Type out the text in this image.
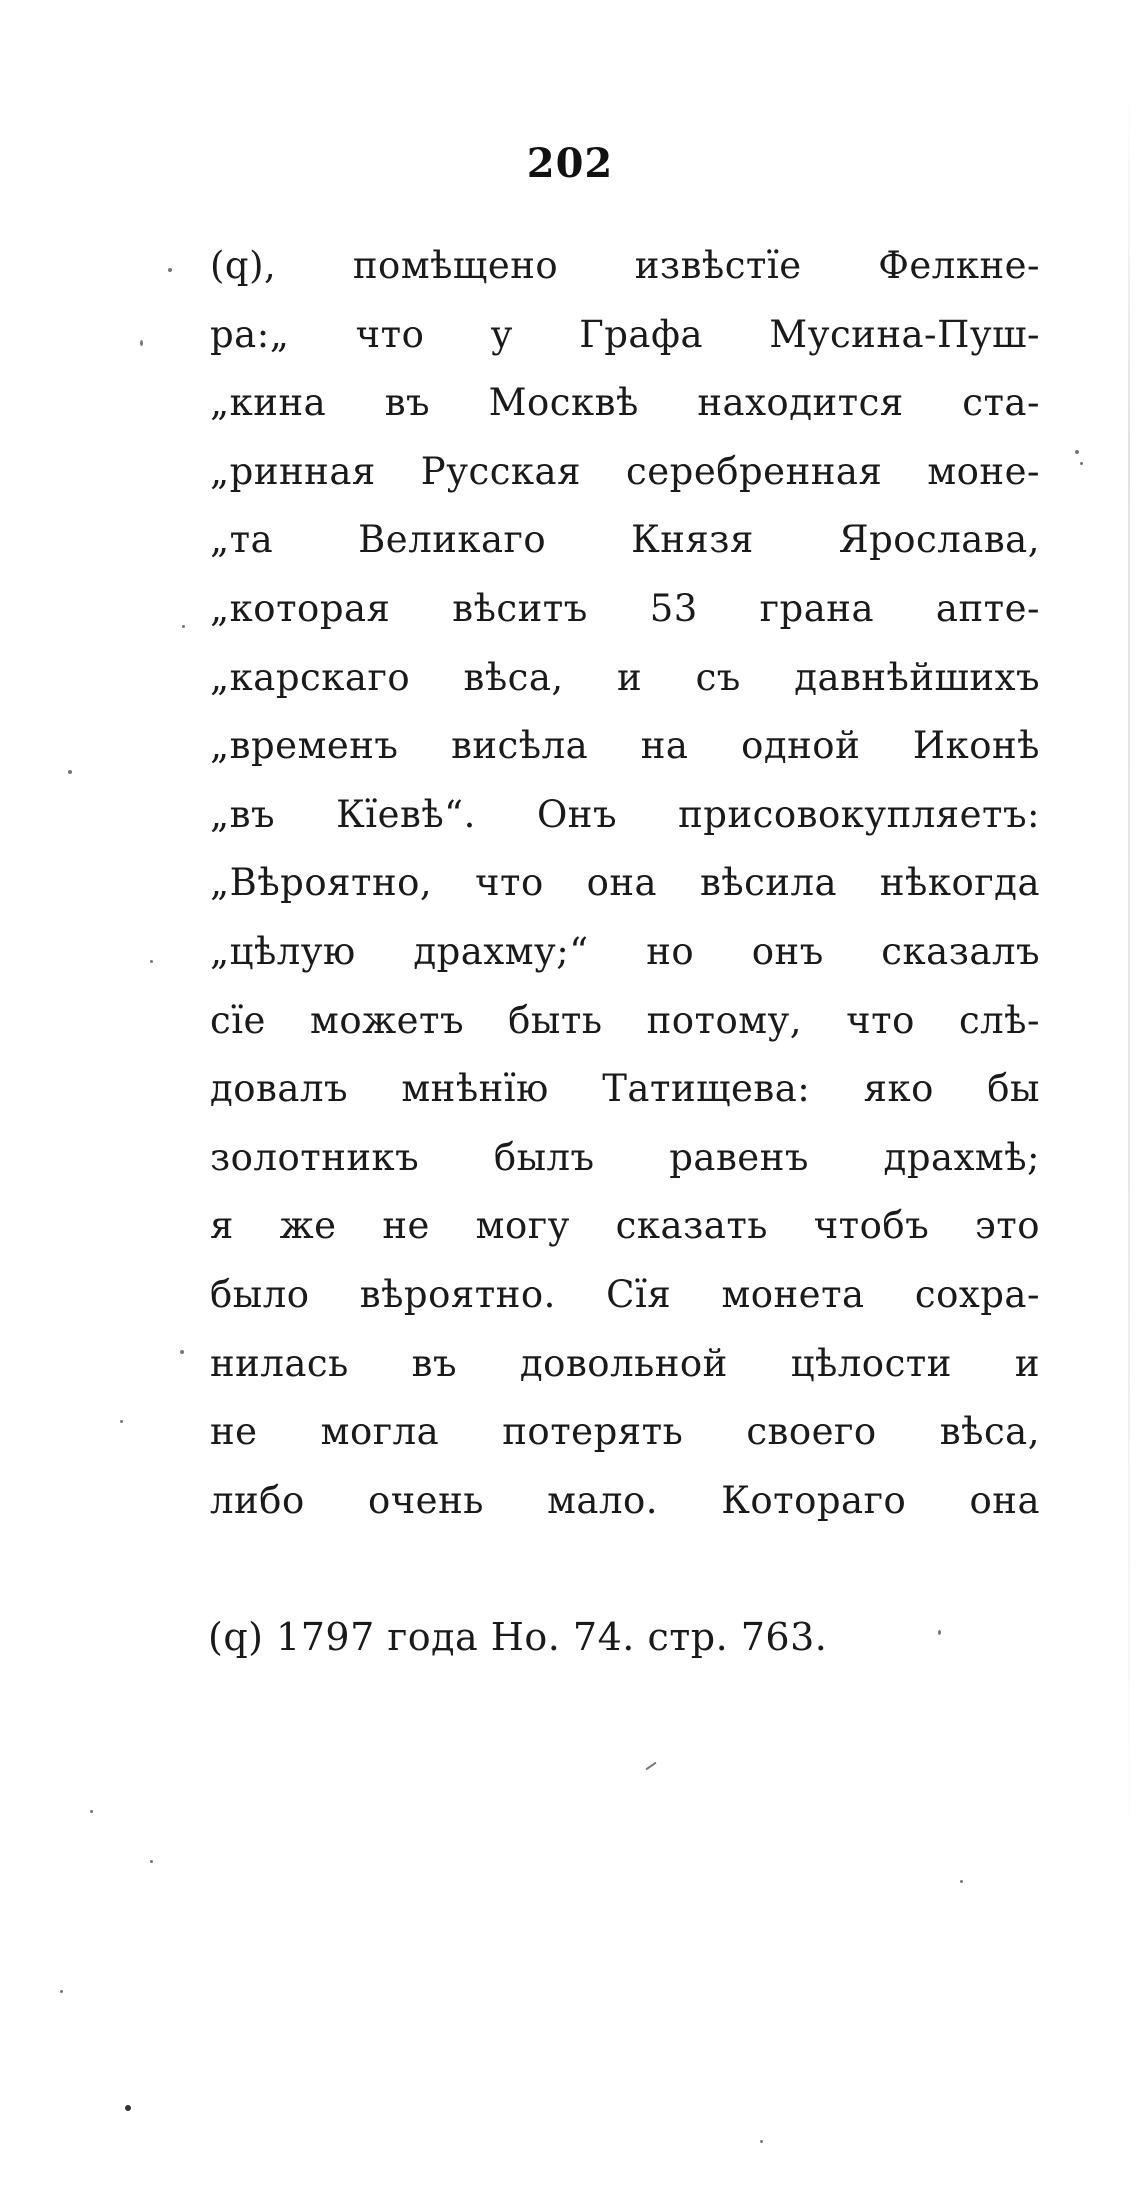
202
(q), помѣщено извѣстїе Фелкне-
ра:„ что у Графа Мусина-Пуш-
„кина въ Москвѣ находится ста-
„ринная Русская серебренная моне-
„та Великаго Князя Ярослава,
„которая вѣситъ 53 грана апте-
„карскаго вѣса, и съ давнѣйшихъ
„временъ висѣла на одной Иконѣ
„въ Кїевѣ“. Онъ присовокупляетъ:
„Вѣроятно, что она вѣсила нѣкогда
„цѣлую драхму;“ но онъ сказалъ
сїе можетъ быть потому, что слѣ-
довалъ мнѣнїю Татищева: яко бы
золотникъ былъ равенъ драхмѣ;
я же не могу сказать чтобъ это
было вѣроятно. Сїя монета сохра-
нилась въ довольной цѣлости и
не могла потерять своего вѣса,
либо очень мало. Котораго она
(q) 1797 года Но. 74. стр. 763.
